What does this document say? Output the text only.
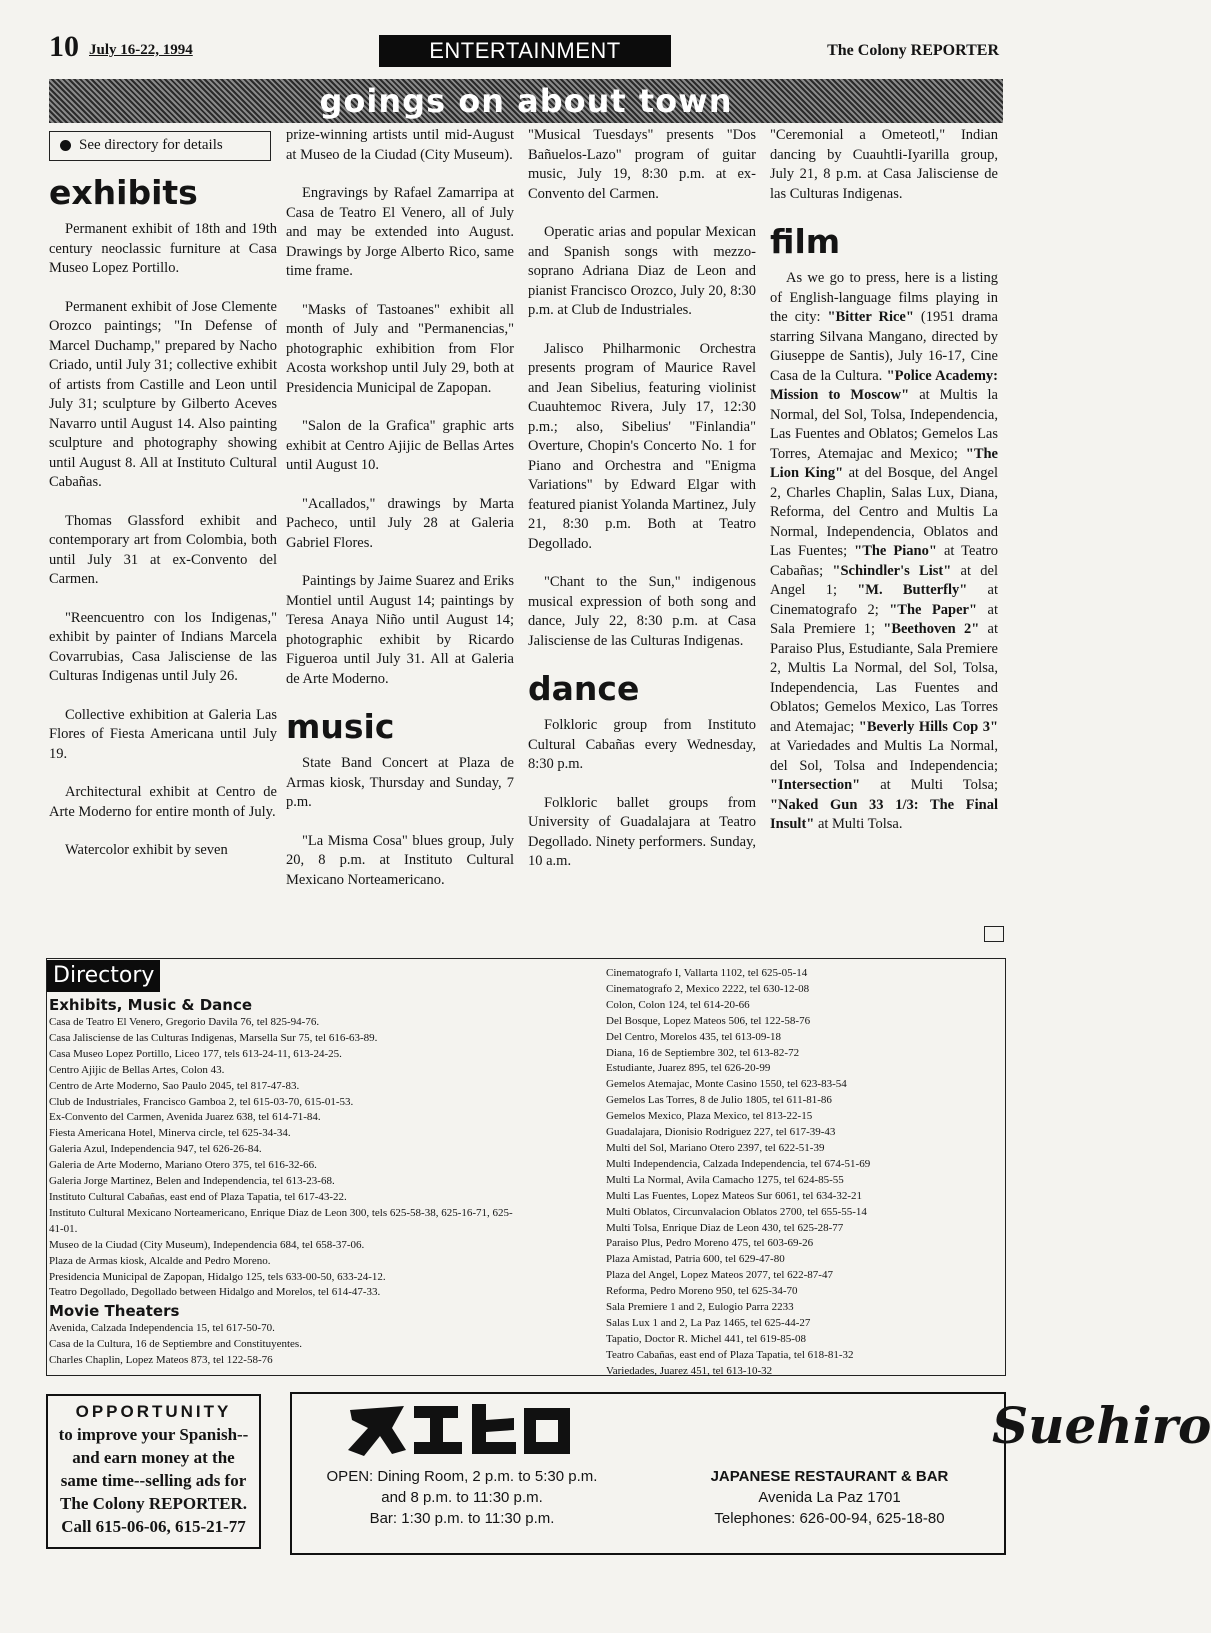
10 July 16-22, 1994	ENTERTAINMENT	The Colony REPORTER
goings on about town
See directory for details
exhibits

Permanent exhibit of 18th and 19th century neoclassic furniture at Casa Museo Lopez Portillo.

Permanent exhibit of Jose Clemente Orozco paintings; "In Defense of Marcel Duchamp," prepared by Nacho Criado, until July 31; collective exhibit of artists from Castille and Leon until July 31; sculpture by Gilberto Aceves Navarro until August 14. Also painting sculpture and photography showing until August 8. All at Instituto Cultural Cabañas.

Thomas Glassford exhibit and contemporary art from Colombia, both until July 31 at ex-Convento del Carmen.

"Reencuentro con los Indigenas," exhibit by painter of Indians Marcela Covarrubias, Casa Jalisciense de las Culturas Indigenas until July 26.

Collective exhibition at Galeria Las Flores of Fiesta Americana until July 19.

Architectural exhibit at Centro de Arte Moderno for entire month of July.

Watercolor exhibit by seven

prize-winning artists until mid-August at Museo de la Ciudad (City Museum).

Engravings by Rafael Zamarripa at Casa de Teatro El Venero, all of July and may be extended into August. Drawings by Jorge Alberto Rico, same time frame.

"Masks of Tastoanes" exhibit all month of July and "Permanencias," photographic exhibition from Flor Acosta workshop until July 29, both at Presidencia Municipal de Zapopan.

"Salon de la Grafica" graphic arts exhibit at Centro Ajijic de Bellas Artes until August 10.

"Acallados," drawings by Marta Pacheco, until July 28 at Galeria Gabriel Flores.

Paintings by Jaime Suarez and Eriks Montiel until August 14; paintings by Teresa Anaya Niño until August 14; photographic exhibit by Ricardo Figueroa until July 31. All at Galeria de Arte Moderno.

music

State Band Concert at Plaza de Armas kiosk, Thursday and Sunday, 7 p.m.

"La Misma Cosa" blues group, July 20, 8 p.m. at Instituto Cultural Mexicano Norteamericano.

"Musical Tuesdays" presents "Dos Bañuelos-Lazo" program of guitar music, July 19, 8:30 p.m. at ex-Convento del Carmen.

Operatic arias and popular Mexican and Spanish songs with mezzo-soprano Adriana Diaz de Leon and pianist Francisco Orozco, July 20, 8:30 p.m. at Club de Industriales.

Jalisco Philharmonic Orchestra presents program of Maurice Ravel and Jean Sibelius, featuring violinist Cuauhtemoc Rivera, July 17, 12:30 p.m.; also, Sibelius' "Finlandia" Overture, Chopin's Concerto No. 1 for Piano and Orchestra and "Enigma Variations" by Edward Elgar with featured pianist Yolanda Martinez, July 21, 8:30 p.m. Both at Teatro Degollado.

"Chant to the Sun," indigenous musical expression of both song and dance, July 22, 8:30 p.m. at Casa Jalisciense de las Culturas Indigenas.

dance

Folkloric group from Instituto Cultural Cabañas every Wednesday, 8:30 p.m.

Folkloric ballet groups from University of Guadalajara at Teatro Degollado. Ninety performers. Sunday, 10 a.m.

"Ceremonial a Ometeotl," Indian dancing by Cuauhtli-Iyarilla group, July 21, 8 p.m. at Casa Jalisciense de las Culturas Indigenas.

film

As we go to press, here is a listing of English-language films playing in the city: "Bitter Rice" (1951 drama starring Silvana Mangano, directed by Giuseppe de Santis), July 16-17, Cine Casa de la Cultura. "Police Academy: Mission to Moscow" at Multis la Normal, del Sol, Tolsa, Independencia, Las Fuentes and Oblatos; Gemelos Las Torres, Atemajac and Mexico; "The Lion King" at del Bosque, del Angel 2, Charles Chaplin, Salas Lux, Diana, Reforma, del Centro and Multis La Normal, Independencia, Oblatos and Las Fuentes; "The Piano" at Teatro Cabañas; "Schindler's List" at del Angel 1; "M. Butterfly" at Cinematografo 2; "The Paper" at Sala Premiere 1; "Beethoven 2" at Paraiso Plus, Estudiante, Sala Premiere 2, Multis La Normal, del Sol, Tolsa, Independencia, Las Fuentes and Oblatos; Gemelos Mexico, Las Torres and Atemajac; "Beverly Hills Cop 3" at Variedades and Multis La Normal, del Sol, Tolsa and Independencia; "Intersection" at Multi Tolsa; "Naked Gun 33 1/3: The Final Insult" at Multi Tolsa.

Directory
Exhibits, Music & Dance
Casa de Teatro El Venero, Gregorio Davila 76, tel 825-94-76.
Casa Jalisciense de las Culturas Indigenas, Marsella Sur 75, tel 616-63-89.
Casa Museo Lopez Portillo, Liceo 177, tels 613-24-11, 613-24-25.
Centro Ajijic de Bellas Artes, Colon 43.
Centro de Arte Moderno, Sao Paulo 2045, tel 817-47-83.
Club de Industriales, Francisco Gamboa 2, tel 615-03-70, 615-01-53.
Ex-Convento del Carmen, Avenida Juarez 638, tel 614-71-84.
Fiesta Americana Hotel, Minerva circle, tel 625-34-34.
Galeria Azul, Independencia 947, tel 626-26-84.
Galeria de Arte Moderno, Mariano Otero 375, tel 616-32-66.
Galeria Jorge Martinez, Belen and Independencia, tel 613-23-68.
Instituto Cultural Cabañas, east end of Plaza Tapatia, tel 617-43-22.
Instituto Cultural Mexicano Norteamericano, Enrique Diaz de Leon 300, tels 625-58-38, 625-16-71, 625-41-01.
Museo de la Ciudad (City Museum), Independencia 684, tel 658-37-06.
Plaza de Armas kiosk, Alcalde and Pedro Moreno.
Presidencia Municipal de Zapopan, Hidalgo 125, tels 633-00-50, 633-24-12.
Teatro Degollado, Degollado between Hidalgo and Morelos, tel 614-47-33.
Movie Theaters
Avenida, Calzada Independencia 15, tel 617-50-70.
Casa de la Cultura, 16 de Septiembre and Constituyentes.
Charles Chaplin, Lopez Mateos 873, tel 122-58-76
Cinematografo I, Vallarta 1102, tel 625-05-14
Cinematografo 2, Mexico 2222, tel 630-12-08
Colon, Colon 124, tel 614-20-66
Del Bosque, Lopez Mateos 506, tel 122-58-76
Del Centro, Morelos 435, tel 613-09-18
Diana, 16 de Septiembre 302, tel 613-82-72
Estudiante, Juarez 895, tel 626-20-99
Gemelos Atemajac, Monte Casino 1550, tel 623-83-54
Gemelos Las Torres, 8 de Julio 1805, tel 611-81-86
Gemelos Mexico, Plaza Mexico, tel 813-22-15
Guadalajara, Dionisio Rodriguez 227, tel 617-39-43
Multi del Sol, Mariano Otero 2397, tel 622-51-39
Multi Independencia, Calzada Independencia, tel 674-51-69
Multi La Normal, Avila Camacho 1275, tel 624-85-55
Multi Las Fuentes, Lopez Mateos Sur 6061, tel 634-32-21
Multi Oblatos, Circunvalacion Oblatos 2700, tel 655-55-14
Multi Tolsa, Enrique Diaz de Leon 430, tel 625-28-77
Paraiso Plus, Pedro Moreno 475, tel 603-69-26
Plaza Amistad, Patria 600, tel 629-47-80
Plaza del Angel, Lopez Mateos 2077, tel 622-87-47
Reforma, Pedro Moreno 950, tel 625-34-70
Sala Premiere 1 and 2, Eulogio Parra 2233
Salas Lux 1 and 2, La Paz 1465, tel 625-44-27
Tapatio, Doctor R. Michel 441, tel 619-85-08
Teatro Cabañas, east end of Plaza Tapatia, tel 618-81-32
Variedades, Juarez 451, tel 613-10-32
OPPORTUNITY
to improve your Spanish--
and earn money at the
same time--selling ads for
The Colony REPORTER.
Call 615-06-06, 615-21-77
Suehiro
OPEN: Dining Room, 2 p.m. to 5:30 p.m.
and 8 p.m. to 11:30 p.m.
Bar: 1:30 p.m. to 11:30 p.m.
JAPANESE RESTAURANT & BAR
Avenida La Paz 1701
Telephones: 626-00-94, 625-18-80
